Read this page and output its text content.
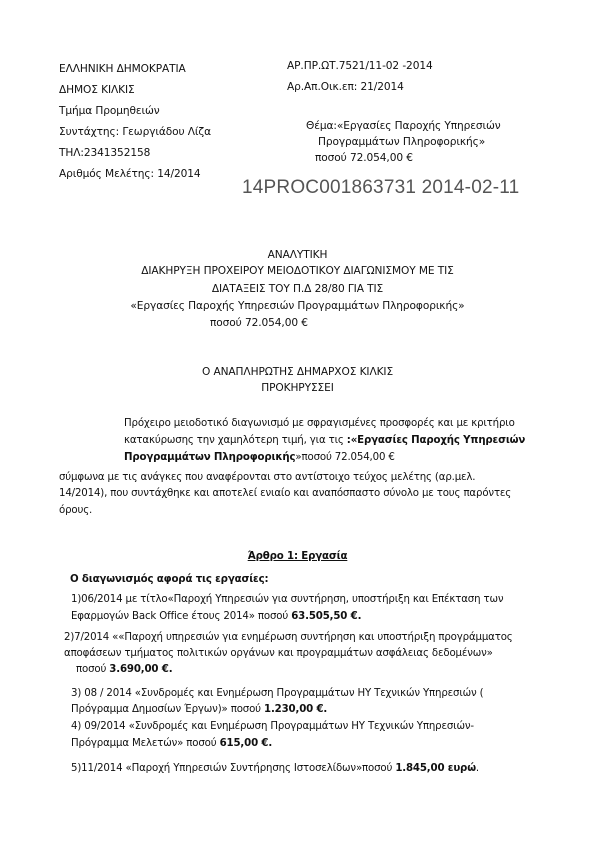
ΕΛΛΗΝΙΚΗ ΔΗΜΟΚΡΑΤΙΑ
ΔΗΜΟΣ ΚΙΛΚΙΣ
Τμήμα Προμηθειών
Συντάχτης: Γεωργιάδου Λίζα
ΤΗΛ:2341352158
Αριθμός Μελέτης: 14/2014
ΑΡ.ΠΡ.ΩΤ.7521/11-02 -2014
Αρ.Απ.Οικ.επ: 21/2014
Θέμα:«Εργασίες Παροχής Υπηρεσιών
Προγραμμάτων Πληροφορικής»
ποσού 72.054,00 €
14PROC001863731 2014-02-11
ΑΝΑΛΥΤΙΚΗ
ΔΙΑΚΗΡΥΞΗ ΠΡΟΧΕΙΡΟΥ ΜΕΙΟΔΟΤΙΚΟΥ ΔΙΑΓΩΝΙΣΜΟΥ ΜΕ ΤΙΣ
ΔΙΑΤΑΞΕΙΣ ΤΟΥ Π.Δ 28/80 ΓΙΑ ΤΙΣ
«Εργασίες Παροχής Υπηρεσιών Προγραμμάτων Πληροφορικής»
ποσού 72.054,00 €
Ο ΑΝΑΠΛΗΡΩΤΗΣ ΔΗΜΑΡΧΟΣ ΚΙΛΚΙΣ
ΠΡΟΚΗΡΥΣΣΕΙ
Πρόχειρο μειοδοτικό διαγωνισμό με σφραγισμένες προσφορές και με κριτήριο
κατακύρωσης την χαμηλότερη τιμή, για τις :«Εργασίες Παροχής Υπηρεσιών
Προγραμμάτων Πληροφορικής»ποσού 72.054,00 €
σύμφωνα με τις ανάγκες που αναφέρονται στο αντίστοιχο τεύχος μελέτης (αρ.μελ.
14/2014), που συντάχθηκε και αποτελεί ενιαίο και αναπόσπαστο σύνολο με τους παρόντες
όρους.
Άρθρο 1: Εργασία
Ο διαγωνισμός αφορά τις εργασίες:
1)06/2014 με τίτλο«Παροχή Υπηρεσιών για συντήρηση, υποστήριξη και Επέκταση των
Εφαρμογών Back Office έτους 2014» ποσού 63.505,50 €.
2)7/2014 ««Παροχή υπηρεσιών για ενημέρωση συντήρηση και υποστήριξη προγράμματος
αποφάσεων τμήματος πολιτικών οργάνων και προγραμμάτων ασφάλειας δεδομένων»
ποσού 3.690,00 €.
3) 08 / 2014 «Συνδρομές και Ενημέρωση Προγραμμάτων ΗΥ Τεχνικών Υπηρεσιών (
Πρόγραμμα Δημοσίων Έργων)» ποσού 1.230,00 €.
4) 09/2014 «Συνδρομές και Ενημέρωση Προγραμμάτων ΗΥ Τεχνικών Υπηρεσιών-
Πρόγραμμα Μελετών» ποσού 615,00 €.
5)11/2014 «Παροχή Υπηρεσιών Συντήρησης Ιστοσελίδων»ποσού 1.845,00 ευρώ.
